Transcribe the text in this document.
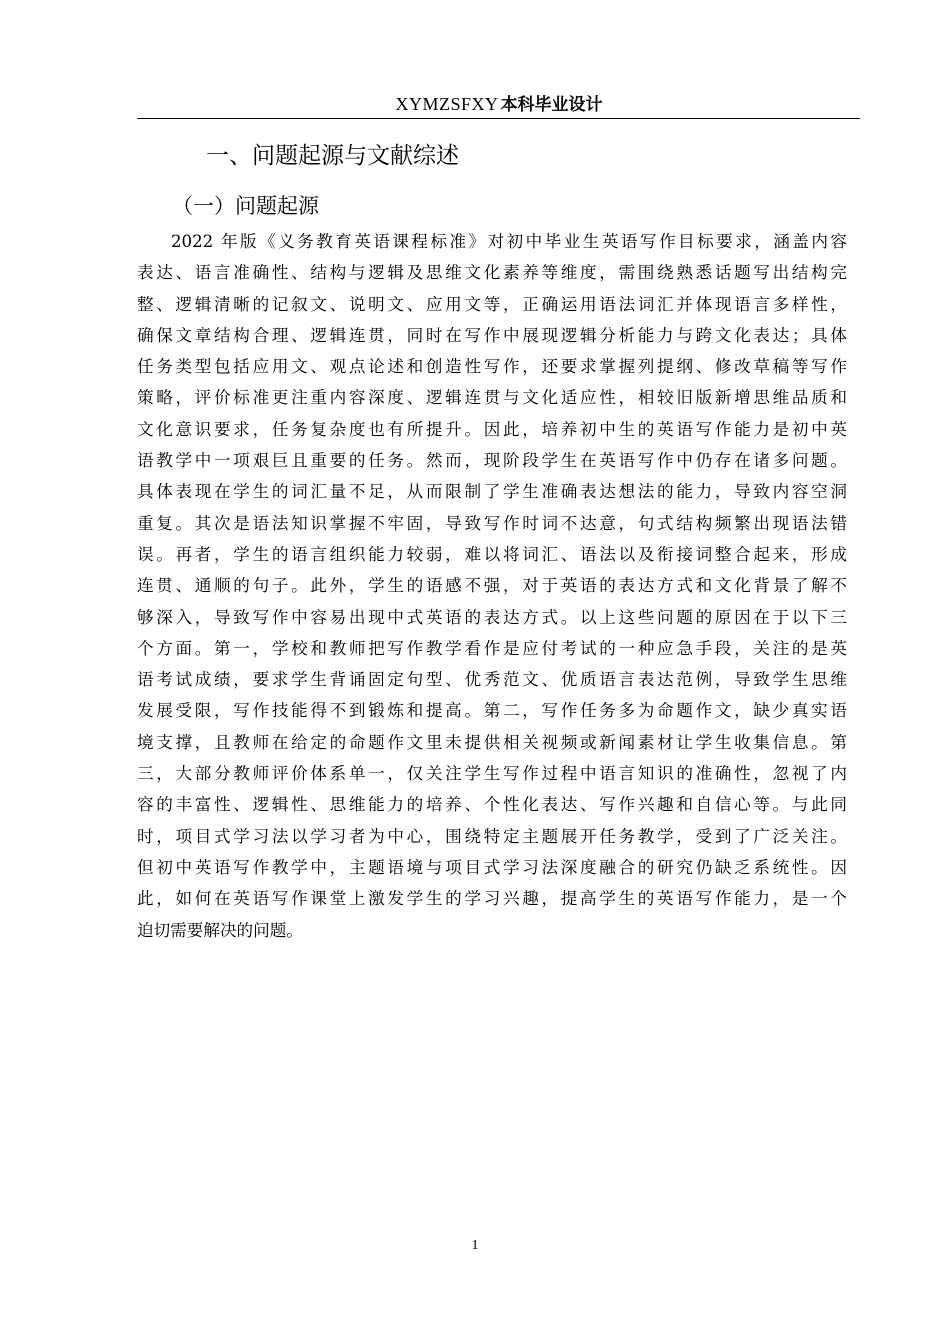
XYMZSFXY 本科毕业设计
一、问题起源与文献综述
（一）问题起源
2022 年版《义务教育英语课程标准》对初中毕业生英语写作目标要求，涵盖内容
表达、语言准确性、结构与逻辑及思维文化素养等维度，需围绕熟悉话题写出结构完
整、逻辑清晰的记叙文、说明文、应用文等，正确运用语法词汇并体现语言多样性，
确保文章结构合理、逻辑连贯，同时在写作中展现逻辑分析能力与跨文化表达；具体
任务类型包括应用文、观点论述和创造性写作，还要求掌握列提纲、修改草稿等写作
策略，评价标准更注重内容深度、逻辑连贯与文化适应性，相较旧版新增思维品质和
文化意识要求，任务复杂度也有所提升。因此，培养初中生的英语写作能力是初中英
语教学中一项艰巨且重要的任务。然而，现阶段学生在英语写作中仍存在诸多问题。
具体表现在学生的词汇量不足，从而限制了学生准确表达想法的能力，导致内容空洞
重复。其次是语法知识掌握不牢固，导致写作时词不达意，句式结构频繁出现语法错
误。再者，学生的语言组织能力较弱，难以将词汇、语法以及衔接词整合起来，形成
连贯、通顺的句子。此外，学生的语感不强，对于英语的表达方式和文化背景了解不
够深入，导致写作中容易出现中式英语的表达方式。以上这些问题的原因在于以下三
个方面。第一，学校和教师把写作教学看作是应付考试的一种应急手段，关注的是英
语考试成绩，要求学生背诵固定句型、优秀范文、优质语言表达范例，导致学生思维
发展受限，写作技能得不到锻炼和提高。第二，写作任务多为命题作文，缺少真实语
境支撑，且教师在给定的命题作文里未提供相关视频或新闻素材让学生收集信息。第
三，大部分教师评价体系单一，仅关注学生写作过程中语言知识的准确性，忽视了内
容的丰富性、逻辑性、思维能力的培养、个性化表达、写作兴趣和自信心等。与此同
时，项目式学习法以学习者为中心，围绕特定主题展开任务教学，受到了广泛关注。
但初中英语写作教学中，主题语境与项目式学习法深度融合的研究仍缺乏系统性。因
此，如何在英语写作课堂上激发学生的学习兴趣，提高学生的英语写作能力，是一个
迫切需要解决的问题。
1
